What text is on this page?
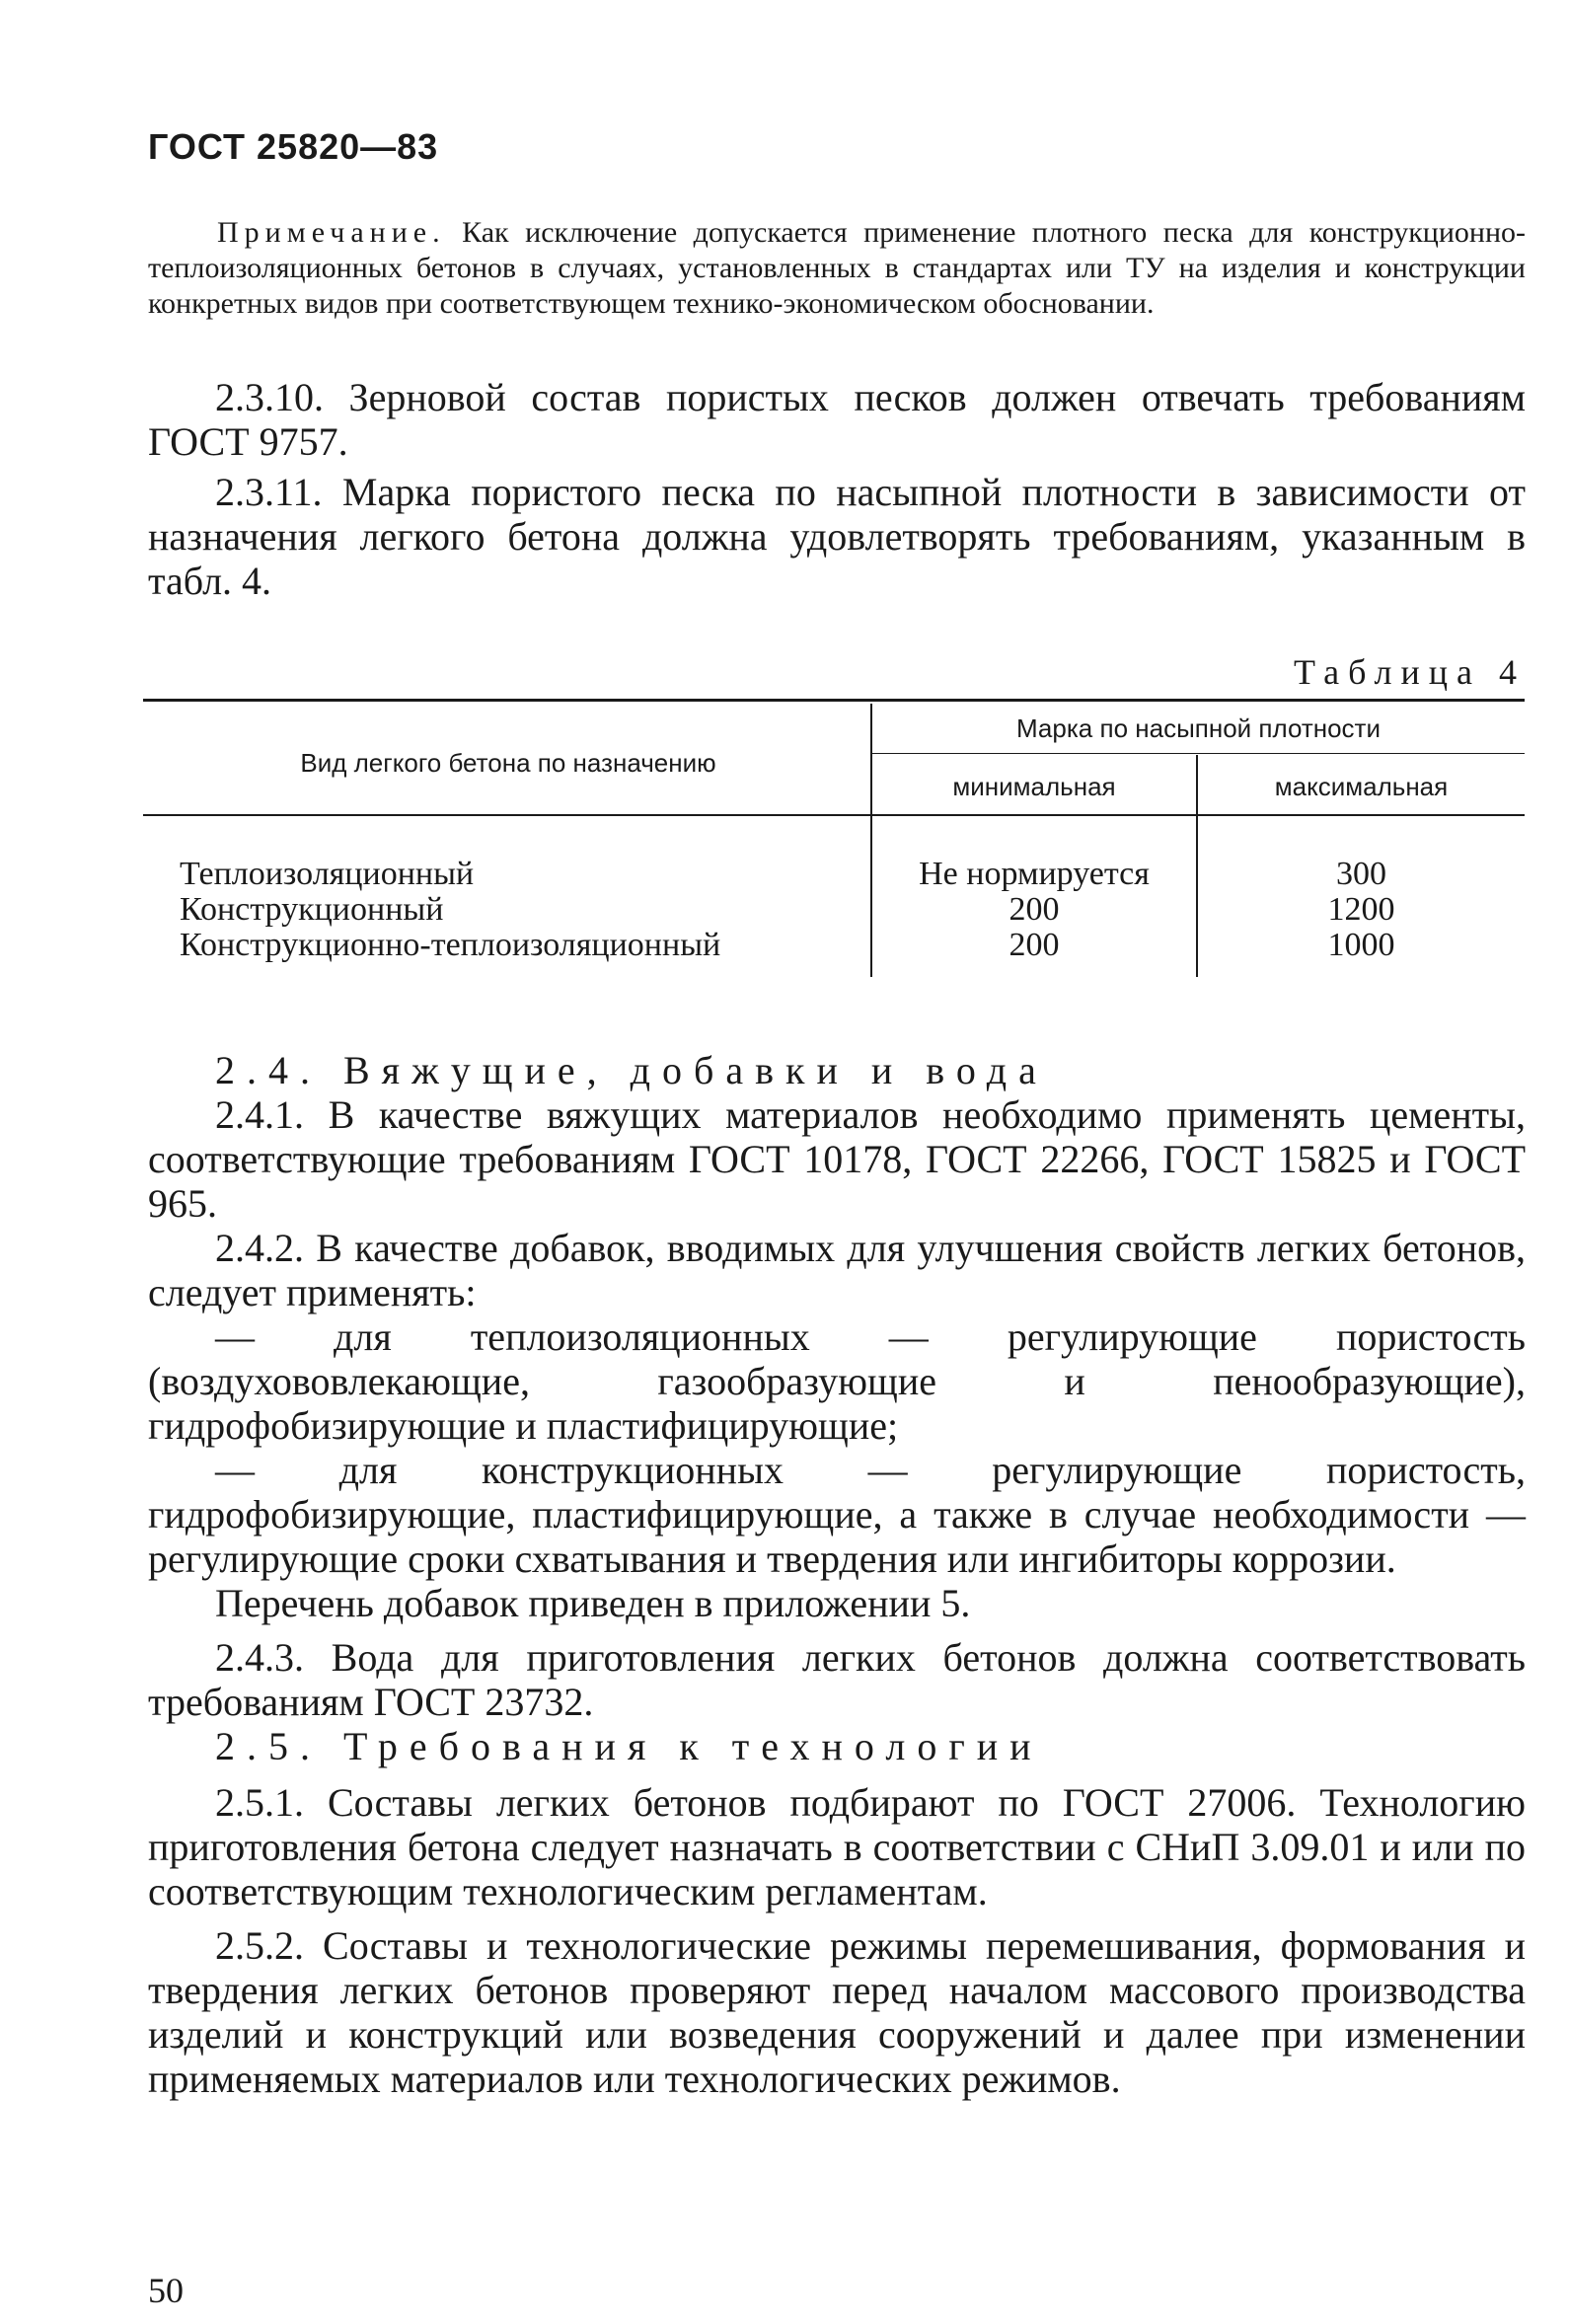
ГОСТ 25820—83
Примечание. Как исключение допускается применение плотного песка для конструкционно-теплоизоляционных бетонов в случаях, установленных в стандартах или ТУ на изделия и конструкции конкретных видов при соответствующем технико-экономическом обосновании.

2.3.10. Зерновой состав пористых песков должен отвечать требованиям ГОСТ 9757.

2.3.11. Марка пористого песка по насыпной плотности в зависимости от назначения легкого бетона должна удовлетворять требованиям, указанным в табл. 4.

Таблица 4
Вид легкого бетона по назначению
Марка по насыпной плотности
минимальная	максимальная
Теплоизоляционный	Не нормируется	300
Конструкционный	200	1200
Конструкционно-теплоизоляционный	200	1000

2.4. Вяжущие, добавки и вода

2.4.1. В качестве вяжущих материалов необходимо применять цементы, соответствующие требованиям ГОСТ 10178, ГОСТ 22266, ГОСТ 15825 и ГОСТ 965.

2.4.2. В качестве добавок, вводимых для улучшения свойств легких бетонов, следует применять:

— для теплоизоляционных — регулирующие пористость (воздухововлекающие, газообразующие и пенообразующие), гидрофобизирующие и пластифицирующие;

— для конструкционных — регулирующие пористость, гидрофобизирующие, пластифицирующие, а также в случае необходимости — регулирующие сроки схватывания и твердения или ингибиторы коррозии.

Перечень добавок приведен в приложении 5.

2.4.3. Вода для приготовления легких бетонов должна соответствовать требованиям ГОСТ 23732.

2.5. Требования к технологии

2.5.1. Составы легких бетонов подбирают по ГОСТ 27006. Технологию приготовления бетона следует назначать в соответствии с СНиП 3.09.01 и или по соответствующим технологическим регламентам.

2.5.2. Составы и технологические режимы перемешивания, формования и твердения легких бетонов проверяют перед началом массового производства изделий и конструкций или возведения сооружений и далее при изменении применяемых материалов или технологических режимов.

50
